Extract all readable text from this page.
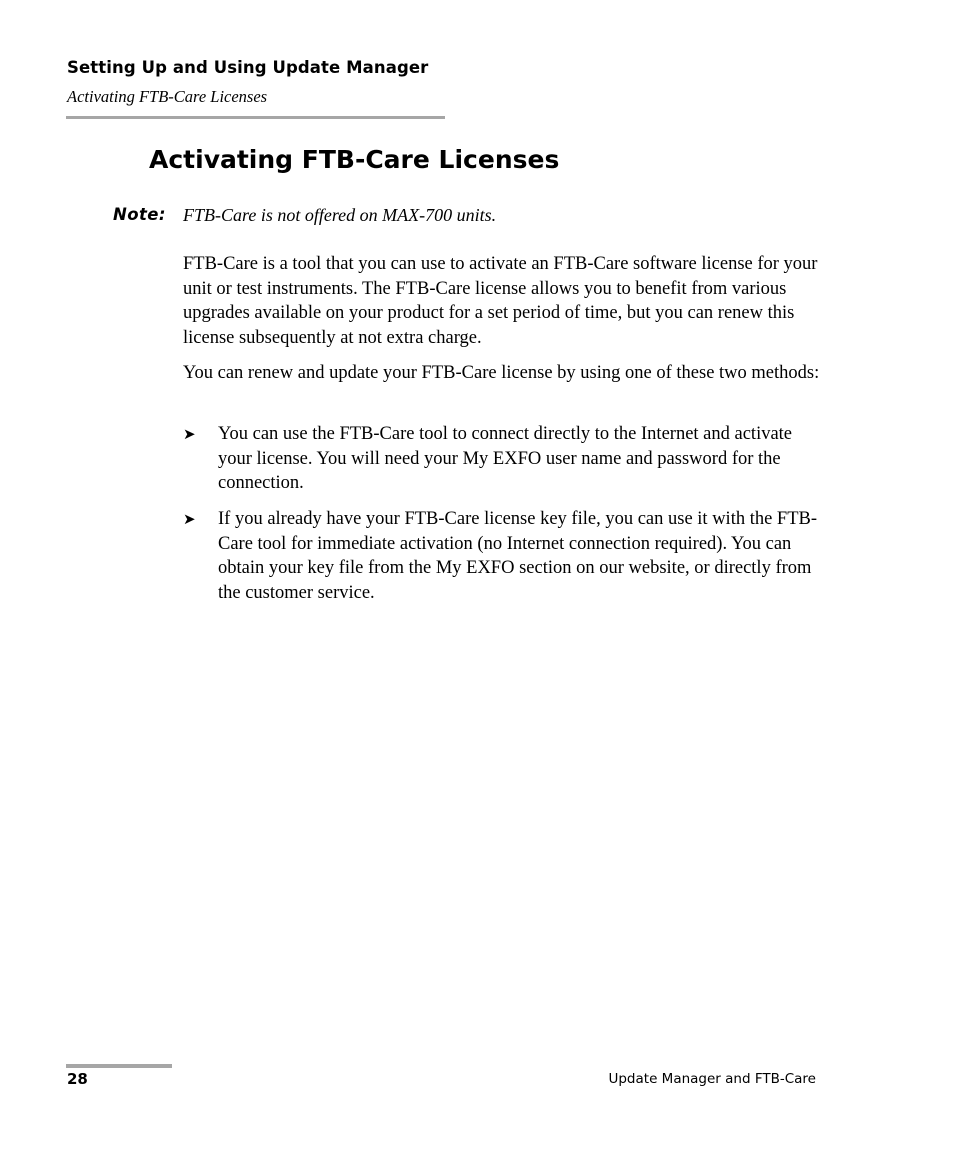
Setting Up and Using Update Manager
Activating FTB-Care Licenses
Activating FTB-Care Licenses
Note: FTB-Care is not offered on MAX-700 units.

FTB-Care is a tool that you can use to activate an FTB-Care software license for your unit or test instruments. The FTB-Care license allows you to benefit from various upgrades available on your product for a set period of time, but you can renew this license subsequently at not extra charge.

You can renew and update your FTB-Care license by using one of these two methods:

➤ You can use the FTB-Care tool to connect directly to the Internet and activate your license. You will need your My EXFO user name and password for the connection.

➤ If you already have your FTB-Care license key file, you can use it with the FTB-Care tool for immediate activation (no Internet connection required). You can obtain your key file from the My EXFO section on our website, or directly from the customer service.

28	Update Manager and FTB-Care
